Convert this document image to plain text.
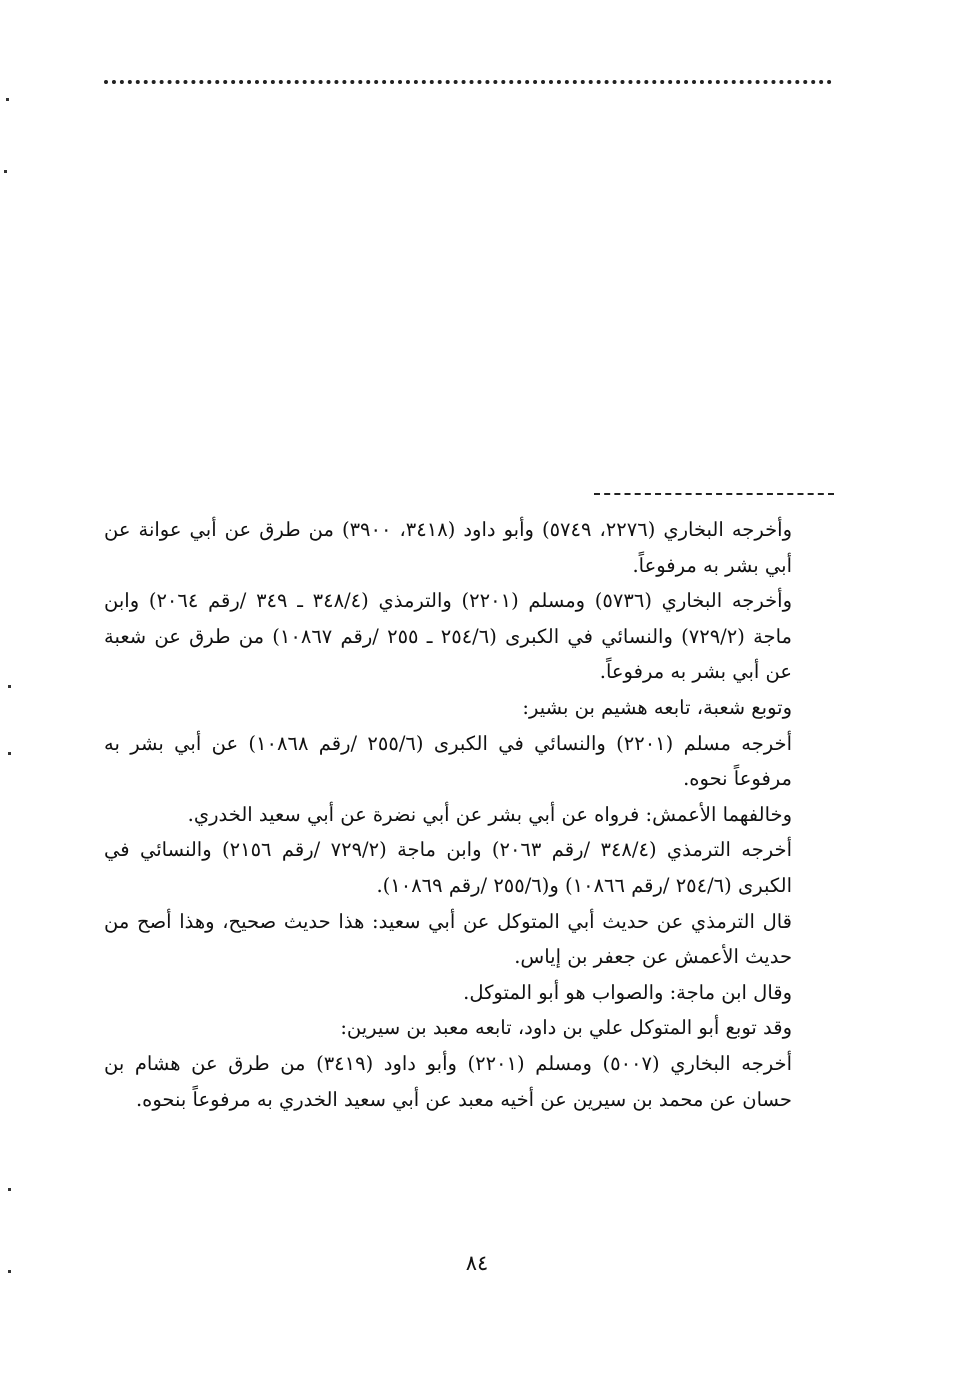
وأخرجه البخاري (٢٢٧٦، ٥٧٤٩) وأبو داود (٣٤١٨، ٣٩٠٠) من طرق عن أبي عوانة عن أبي بشر به مرفوعاً.

وأخرجه البخاري (٥٧٣٦) ومسلم (٢٢٠١) والترمذي (٣٤٨/٤ ـ ٣٤٩ /رقم ٢٠٦٤) وابن ماجة (٧٢٩/٢) والنسائي في الكبرى (٢٥٤/٦ ـ ٢٥٥ /رقم ١٠٨٦٧) من طرق عن شعبة عن أبي بشر به مرفوعاً.

وتوبع شعبة، تابعه هشيم بن بشير:

أخرجه مسلم (٢٢٠١) والنسائي في الكبرى (٢٥٥/٦ /رقم ١٠٨٦٨) عن أبي بشر به مرفوعاً نحوه.

وخالفهما الأعمش: فرواه عن أبي بشر عن أبي نضرة عن أبي سعيد الخدري.

أخرجه الترمذي (٣٤٨/٤ /رقم ٢٠٦٣) وابن ماجة (٧٢٩/٢ /رقم ٢١٥٦) والنسائي في الكبرى (٢٥٤/٦ /رقم ١٠٨٦٦) و(٢٥٥/٦ /رقم ١٠٨٦٩).

قال الترمذي عن حديث أبي المتوكل عن أبي سعيد: هذا حديث صحيح، وهذا أصح من حديث الأعمش عن جعفر بن إياس.

وقال ابن ماجة: والصواب هو أبو المتوكل.

وقد توبع أبو المتوكل علي بن داود، تابعه معبد بن سيرين:

أخرجه البخاري (٥٠٠٧) ومسلم (٢٢٠١) وأبو داود (٣٤١٩) من طرق عن هشام بن حسان عن محمد بن سيرين عن أخيه معبد عن أبي سعيد الخدري به مرفوعاً بنحوه.

٨٤
